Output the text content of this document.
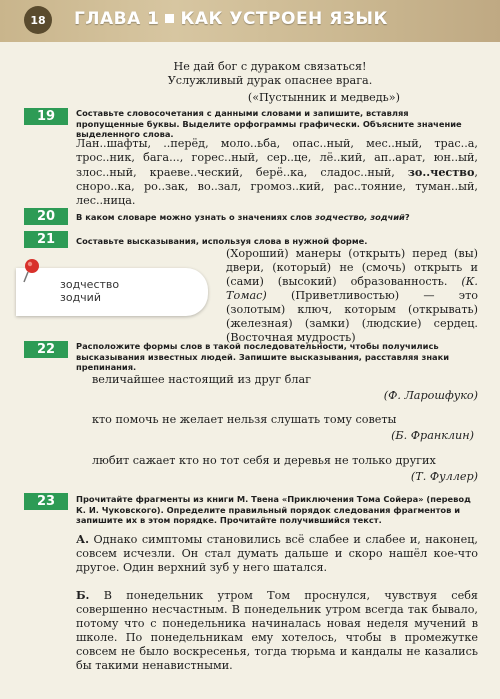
18	ГЛАВА 1 КАК УСТРОЕН ЯЗЫК
Не дай бог с дураком связаться!
Услужливый дурак опаснее врага.
(«Пустынник и медведь»)
19	Составьте словосочетания с данными словами и запишите, вставляя пропущенные буквы. Выделите орфограммы графически. Объясните значение выделенного слова.
Лан..шафты, ..перёд, моло..ьба, опас..ный, мес..ный, трас..а, трос..ник, бага..., горес..ный, сер..це, лё..кий, ап..арат, юн..ый, злос..ный, краеве..ческий, берё..ка, сладос..ный, зо..чество, сноро..ка, ро..зак, во..зал, громоз..кий, рас..тояние, туман..ый, лес..ница.
20	В каком словаре можно узнать о значениях слов зодчество, зодчий?
21	Составьте высказывания, используя слова в нужной форме.
зодчество
зодчий
(Хороший) манеры (открыть) перед (вы) двери, (который) не (смочь) открыть и (сами) (высокий) образованность. (К. Томас) (Приветливостью) — это (золотым) ключ, которым (открывать) (железная) (замки) (людские) сердец. (Восточная мудрость)
22	Расположите формы слов в такой последовательности, чтобы получились высказывания известных людей. Запишите высказывания, расставляя знаки препинания.
величайшее настоящий из друг благ
(Ф. Ларошфуко)
кто помочь не желает нельзя слушать тому советы
(Б. Франклин)
любит сажает кто но тот себя и деревья не только других
(Т. Фуллер)
23	Прочитайте фрагменты из книги М. Твена «Приключения Тома Сойера» (перевод К. И. Чуковского). Определите правильный порядок следования фрагментов и запишите их в этом порядке. Прочитайте получившийся текст.
А. Однако симптомы становились всё слабее и слабее и, наконец, совсем исчезли. Он стал думать дальше и скоро нашёл кое-что другое. Один верхний зуб у него шатался.
Б. В понедельник утром Том проснулся, чувствуя себя совершенно несчастным. В понедельник утром всегда так бывало, потому что с понедельника начиналась новая неделя мучений в школе. По понедельникам ему хотелось, чтобы в промежутке совсем не было воскресенья, тогда тюрьма и кандалы не казались бы такими ненавистными.
